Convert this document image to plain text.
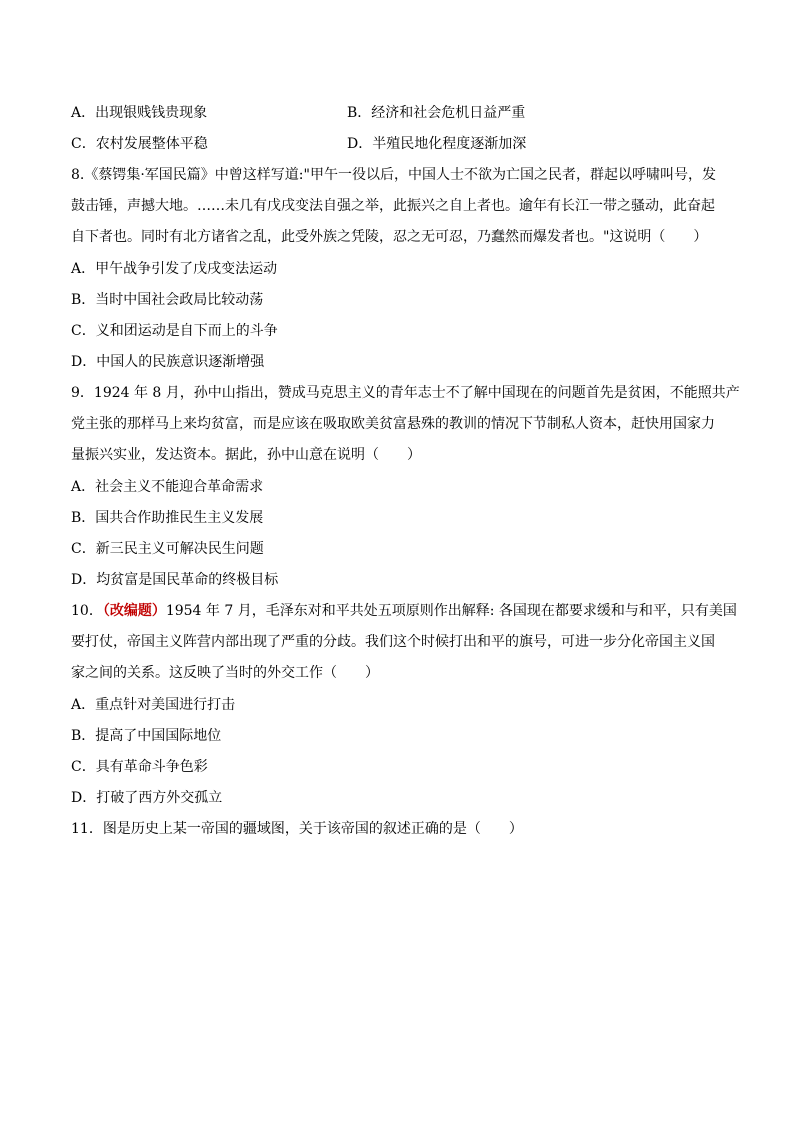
A．出现银贱钱贵现象	B．经济和社会危机日益严重
C．农村发展整体平稳	D．半殖民地化程度逐渐加深
8.《蔡锷集·军国民篇》中曾这样写道:"甲午一役以后，中国人士不欲为亡国之民者，群起以呼啸叫号，发
鼓击锤，声撼大地。……未几有戊戌变法自强之举，此振兴之自上者也。逾年有长江一带之骚动，此奋起
自下者也。同时有北方诸省之乱，此受外族之凭陵，忍之无可忍，乃蠢然而爆发者也。"这说明（　　）
A．甲午战争引发了戊戌变法运动
B．当时中国社会政局比较动荡
C．义和团运动是自下而上的斗争
D．中国人的民族意识逐渐增强
9．1924 年 8 月，孙中山指出，赞成马克思主义的青年志士不了解中国现在的问题首先是贫困，不能照共产
党主张的那样马上来均贫富，而是应该在吸取欧美贫富悬殊的教训的情况下节制私人资本，赶快用国家力
量振兴实业，发达资本。据此，孙中山意在说明（　　）
A．社会主义不能迎合革命需求
B．国共合作助推民生主义发展
C．新三民主义可解决民生问题
D．均贫富是国民革命的终极目标
10．（改编题）1954 年 7 月，毛泽东对和平共处五项原则作出解释: 各国现在都要求缓和与和平，只有美国
要打仗，帝国主义阵营内部出现了严重的分歧。我们这个时候打出和平的旗号，可进一步分化帝国主义国
家之间的关系。这反映了当时的外交工作（　　）
A．重点针对美国进行打击
B．提高了中国国际地位
C．具有革命斗争色彩
D．打破了西方外交孤立
11．图是历史上某一帝国的疆域图，关于该帝国的叙述正确的是（　　）
